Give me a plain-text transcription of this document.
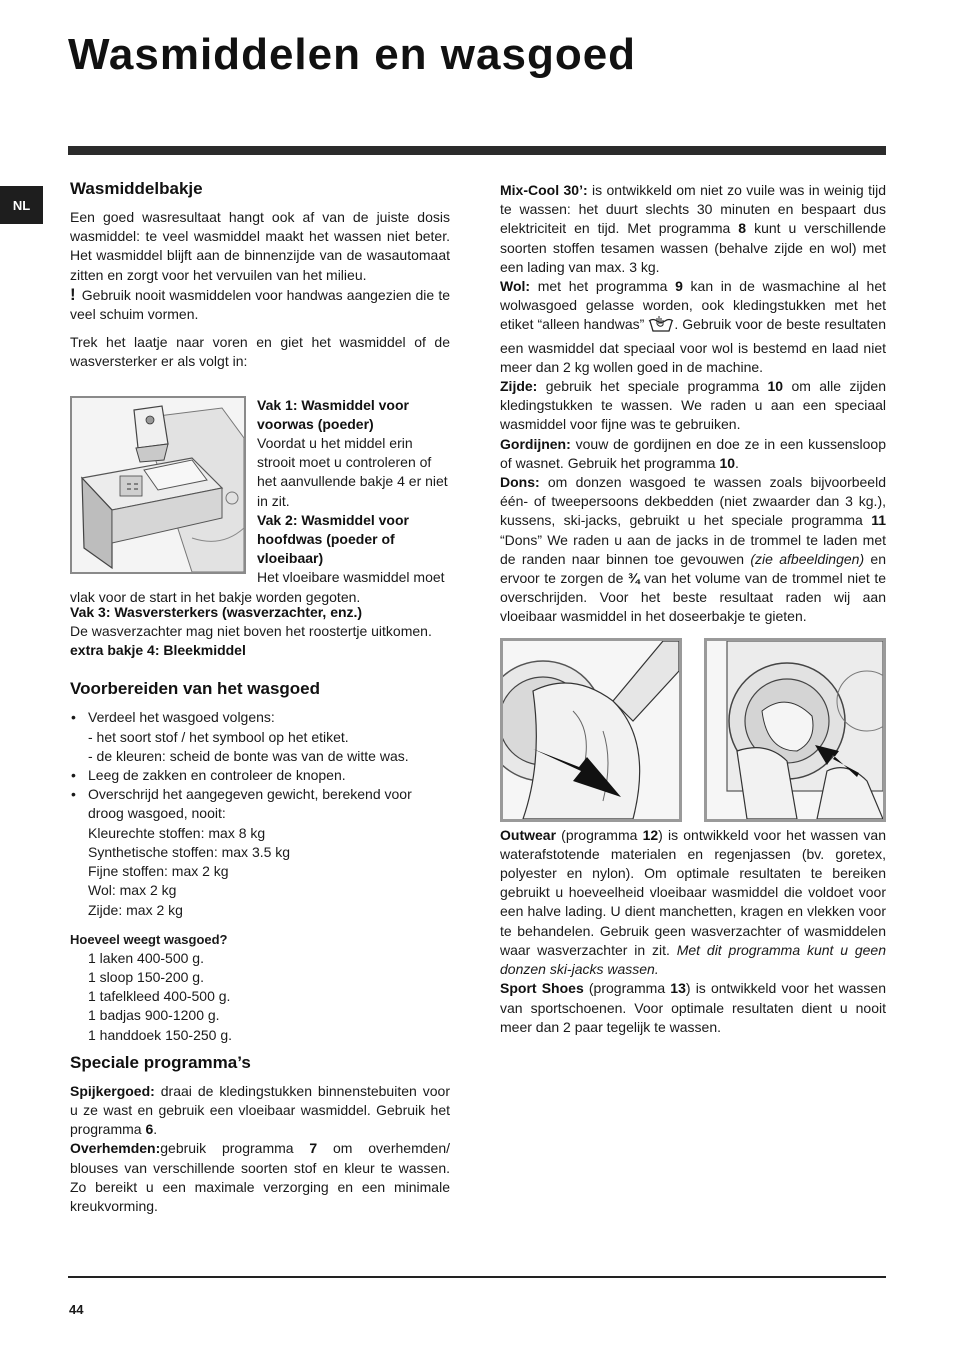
Wasmiddelen en wasgoed
NL
Wasmiddelbakje

Een goed wasresultaat hangt ook af van de juiste dosis wasmiddel: te veel wasmiddel maakt het wassen niet beter. Het wasmiddel blijft aan de binnenzijde van de wasautomaat zitten en zorgt voor het vervuilen van het milieu.

! Gebruik nooit wasmiddelen voor handwas aangezien die te veel schuim vormen.

Trek het laatje naar voren en giet het wasmiddel of de wasversterker er als volgt in:

Vak 1: Wasmiddel voor voorwas (poeder)

Voordat u het middel erin strooit moet u controleren of het aanvullende bakje 4 er niet in zit.

Vak 2: Wasmiddel voor hoofdwas (poeder of vloeibaar)

Het vloeibare wasmiddel moet vlak voor de start in het bakje worden gegoten.

Vak 3: Wasversterkers (wasverzachter, enz.)

De wasverzachter mag niet boven het roostertje uitkomen.

extra bakje 4: Bleekmiddel

Voorbereiden van het wasgoed
• Verdeel het wasgoed volgens:
- het soort stof / het symbool op het etiket.
- de kleuren: scheid de bonte was van de witte was.
• Leeg de zakken en controleer de knopen.
• Overschrijd het aangegeven gewicht, berekend voor droog wasgoed, nooit:
Kleurechte stoffen: max 8 kg
Synthetische stoffen: max 3.5 kg
Fijne stoffen: max 2 kg
Wol: max 2 kg
Zijde: max 2 kg
Hoeveel weegt wasgoed?
1 laken 400-500 g.
1 sloop 150-200 g.
1 tafelkleed 400-500 g.
1 badjas 900-1200 g.
1 handdoek 150-250 g.
Speciale programma’s

Spijkergoed: draai de kledingstukken binnenstebuiten voor u ze wast en gebruik een vloeibaar wasmiddel. Gebruik het programma 6.

Overhemden:gebruik programma 7 om overhemden/ blouses van verschillende soorten stof en kleur te wassen. Zo bereikt u een maximale verzorging en een minimale kreukvorming.

Mix-Cool 30’: is ontwikkeld om niet zo vuile was in weinig tijd te wassen: het duurt slechts 30 minuten en bespaart dus elektriciteit en tijd. Met programma 8 kunt u verschillende soorten stoffen tesamen wassen (behalve zijde en wol) met een lading van max. 3 kg.

Wol: met het programma 9 kan in de wasmachine al het wolwasgoed gelasse worden, ook kledingstukken met het etiket “alleen handwas” . Gebruik voor de beste resultaten een wasmiddel dat speciaal voor wol is bestemd en laad niet meer dan 2 kg wollen goed in de machine.

Zijde: gebruik het speciale programma 10 om alle zijden kledingstukken te wassen. We raden u aan een speciaal wasmiddel voor fijne was te gebruiken.

Gordijnen: vouw de gordijnen en doe ze in een kussensloop of wasnet. Gebruik het programma 10.

Dons: om donzen wasgoed te wassen zoals bijvoorbeeld één- of tweepersoons dekbedden (niet zwaarder dan 3 kg.), kussens, ski-jacks, gebruikt u het speciale programma 11 “Dons” We raden u aan de jacks in de trommel te laden met de randen naar binnen toe gevouwen (zie afbeeldingen) en ervoor te zorgen de ¾ van het volume van de trommel niet te overschrijden. Voor het beste resultaat raden wij aan vloeibaar wasmiddel in het doseerbakje te gieten.

Outwear (programma 12) is ontwikkeld voor het wassen van waterafstotende materialen en regenjassen (bv. goretex, polyester en nylon). Om optimale resultaten te bereiken gebruikt u hoeveelheid vloeibaar wasmiddel die voldoet voor een halve lading. U dient manchetten, kragen en vlekken voor te behandelen. Gebruik geen wasverzachter of wasmiddelen waar wasverzachter in zit. Met dit programma kunt u geen donzen ski-jacks wassen.

Sport Shoes (programma 13) is ontwikkeld voor het wassen van sportschoenen. Voor optimale resultaten dient u nooit meer dan 2 paar tegelijk te wassen.

44
